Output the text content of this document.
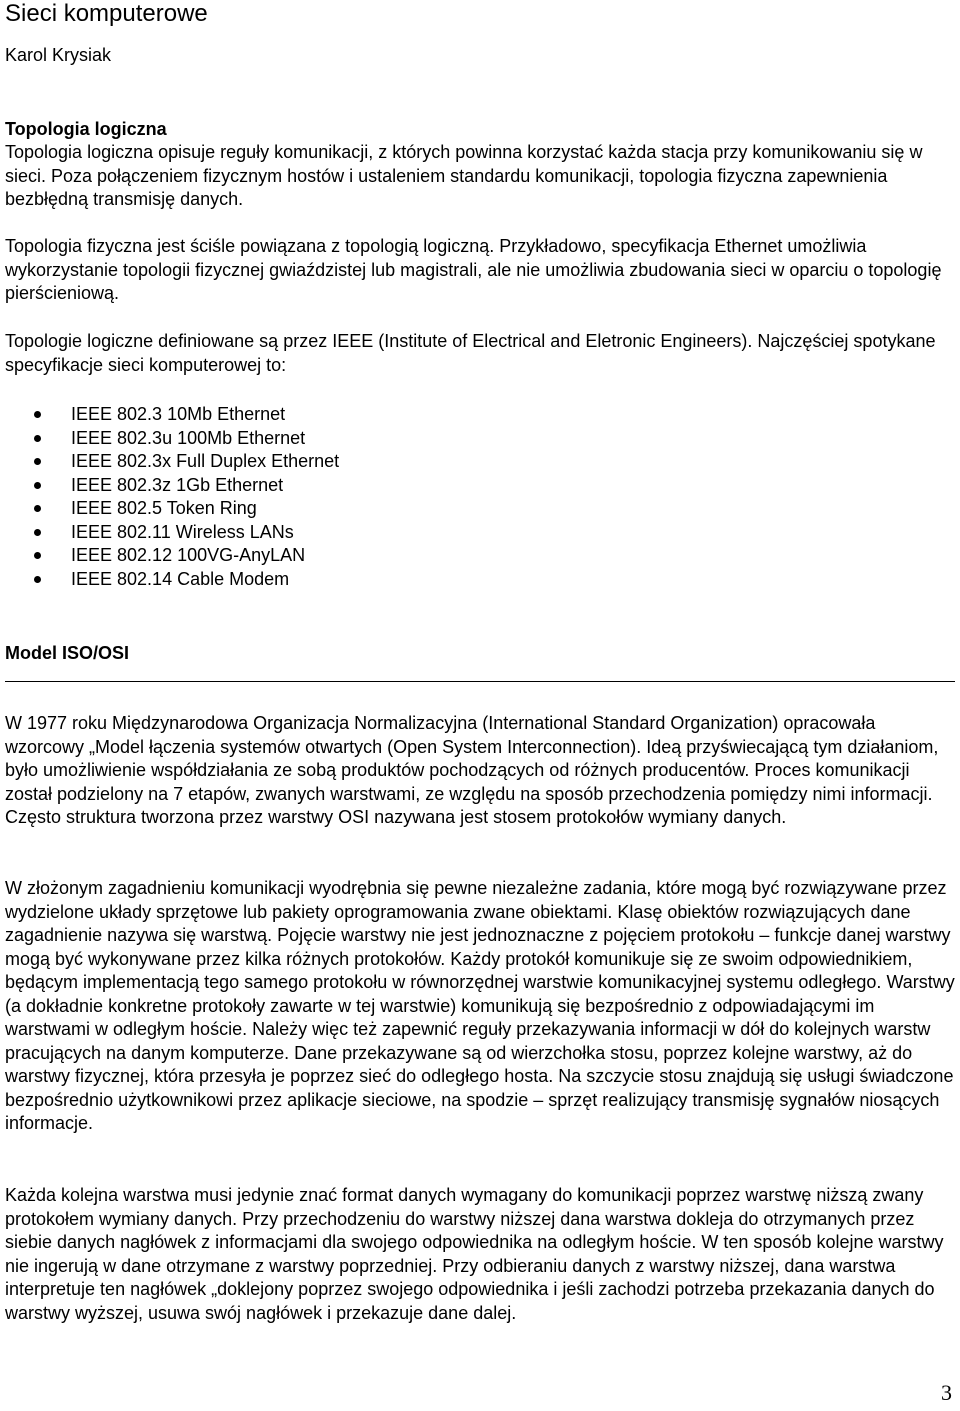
Sieci komputerowe
Karol Krysiak
Topologia logiczna

Topologia logiczna opisuje reguły komunikacji, z których powinna korzystać każda stacja przy komunikowaniu się w sieci. Poza połączeniem fizycznym hostów i ustaleniem standardu komunikacji, topologia fizyczna zapewnienia bezbłędną transmisję danych.

Topologia fizyczna jest ściśle powiązana z topologią logiczną. Przykładowo, specyfikacja Ethernet umożliwia wykorzystanie topologii fizycznej gwiaździstej lub magistrali, ale nie umożliwia zbudowania sieci w oparciu o topologię pierścieniową.

Topologie logiczne definiowane są przez IEEE (Institute of Electrical and Eletronic Engineers). Najczęściej spotykane specyfikacje sieci komputerowej to:

IEEE 802.3 10Mb Ethernet
IEEE 802.3u 100Mb Ethernet
IEEE 802.3x Full Duplex Ethernet
IEEE 802.3z 1Gb Ethernet
IEEE 802.5 Token Ring
IEEE 802.11 Wireless LANs
IEEE 802.12 100VG-AnyLAN
IEEE 802.14 Cable Modem
Model ISO/OSI

W 1977 roku Międzynarodowa Organizacja Normalizacyjna (International Standard Organization) opracowała wzorcowy „Model łączenia systemów otwartych (Open System Interconnection). Ideą przyświecającą tym działaniom, było umożliwienie współdziałania ze sobą produktów pochodzących od różnych producentów. Proces komunikacji został podzielony na 7 etapów, zwanych warstwami, ze względu na sposób przechodzenia pomiędzy nimi informacji. Często struktura tworzona przez warstwy OSI nazywana jest stosem protokołów wymiany danych.

W złożonym zagadnieniu komunikacji wyodrębnia się pewne niezależne zadania, które mogą być rozwiązywane przez wydzielone układy sprzętowe lub pakiety oprogramowania zwane obiektami. Klasę obiektów rozwiązujących dane zagadnienie nazywa się warstwą. Pojęcie warstwy nie jest jednoznaczne z pojęciem protokołu – funkcje danej warstwy mogą być wykonywane przez kilka różnych protokołów. Każdy protokół komunikuje się ze swoim odpowiednikiem, będącym implementacją tego samego protokołu w równorzędnej warstwie komunikacyjnej systemu odległego. Warstwy (a dokładnie konkretne protokoły zawarte w tej warstwie) komunikują się bezpośrednio z odpowiadającymi im warstwami w odległym hoście. Należy więc też zapewnić reguły przekazywania informacji w dół do kolejnych warstw pracujących na danym komputerze. Dane przekazywane są od wierzchołka stosu, poprzez kolejne warstwy, aż do warstwy fizycznej, która przesyła je poprzez sieć do odległego hosta. Na szczycie stosu znajdują się usługi świadczone bezpośrednio użytkownikowi przez aplikacje sieciowe, na spodzie – sprzęt realizujący transmisję sygnałów niosących informacje.

Każda kolejna warstwa musi jedynie znać format danych wymagany do komunikacji poprzez warstwę niższą zwany protokołem wymiany danych. Przy przechodzeniu do warstwy niższej dana warstwa dokleja do otrzymanych przez siebie danych nagłówek z informacjami dla swojego odpowiednika na odległym hoście. W ten sposób kolejne warstwy nie ingerują w dane otrzymane z warstwy poprzedniej. Przy odbieraniu danych z warstwy niższej, dana warstwa interpretuje ten nagłówek „doklejony poprzez swojego odpowiednika i jeśli zachodzi potrzeba przekazania danych do warstwy wyższej, usuwa swój nagłówek i przekazuje dane dalej.

3
